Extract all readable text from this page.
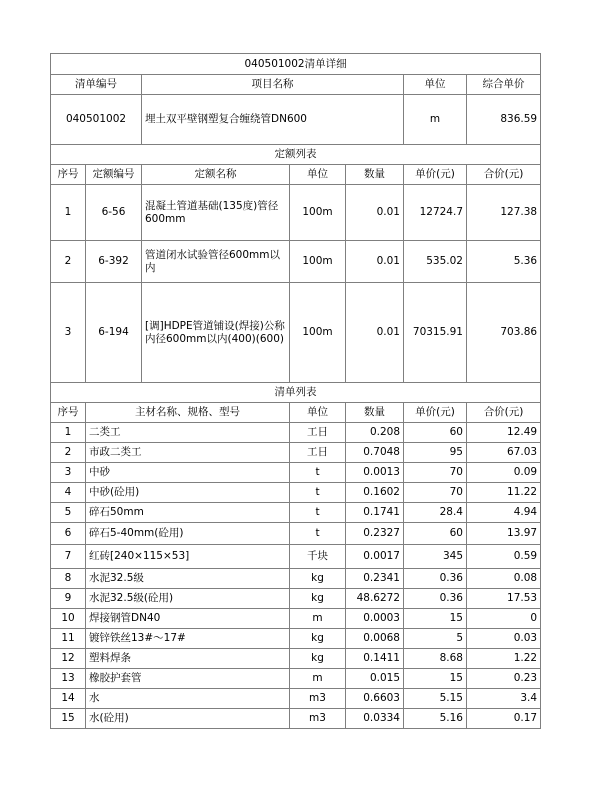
040501002清单详细						
清单编号		项目名称			单位	综合单价
040501002		埋土双平壁钢塑复合缠绕管DN600			m	836.59
定额列表						
序号	定额编号	定额名称	单位	数量	单价(元)	合价(元)
1	6-56	混凝土管道基础(135度)管径600mm	100m	0.01	12724.7	127.38
2	6-392	管道闭水试验管径600mm以内	100m	0.01	535.02	5.36
3	6-194	[调]HDPE管道铺设(焊接)公称内径600mm以内(400)(600)	100m	0.01	70315.91	703.86
清单列表						
序号	主材名称、规格、型号		单位	数量	单价(元)	合价(元)
1	二类工		工日	0.208	60	12.49
2	市政二类工		工日	0.7048	95	67.03
3	中砂		t	0.0013	70	0.09
4	中砂(砼用)		t	0.1602	70	11.22
5	碎石50mm		t	0.1741	28.4	4.94
6	碎石5-40mm(砼用)		t	0.2327	60	13.97
7	红砖[240×115×53]		千块	0.0017	345	0.59
8	水泥32.5级		kg	0.2341	0.36	0.08
9	水泥32.5级(砼用)		kg	48.6272	0.36	17.53
10	焊接钢管DN40		m	0.0003	15	0
11	镀锌铁丝13#～17#		kg	0.0068	5	0.03
12	塑料焊条		kg	0.1411	8.68	1.22
13	橡胶护套管		m	0.015	15	0.23
14	水		m3	0.6603	5.15	3.4
15	水(砼用)		m3	0.0334	5.16	0.17
